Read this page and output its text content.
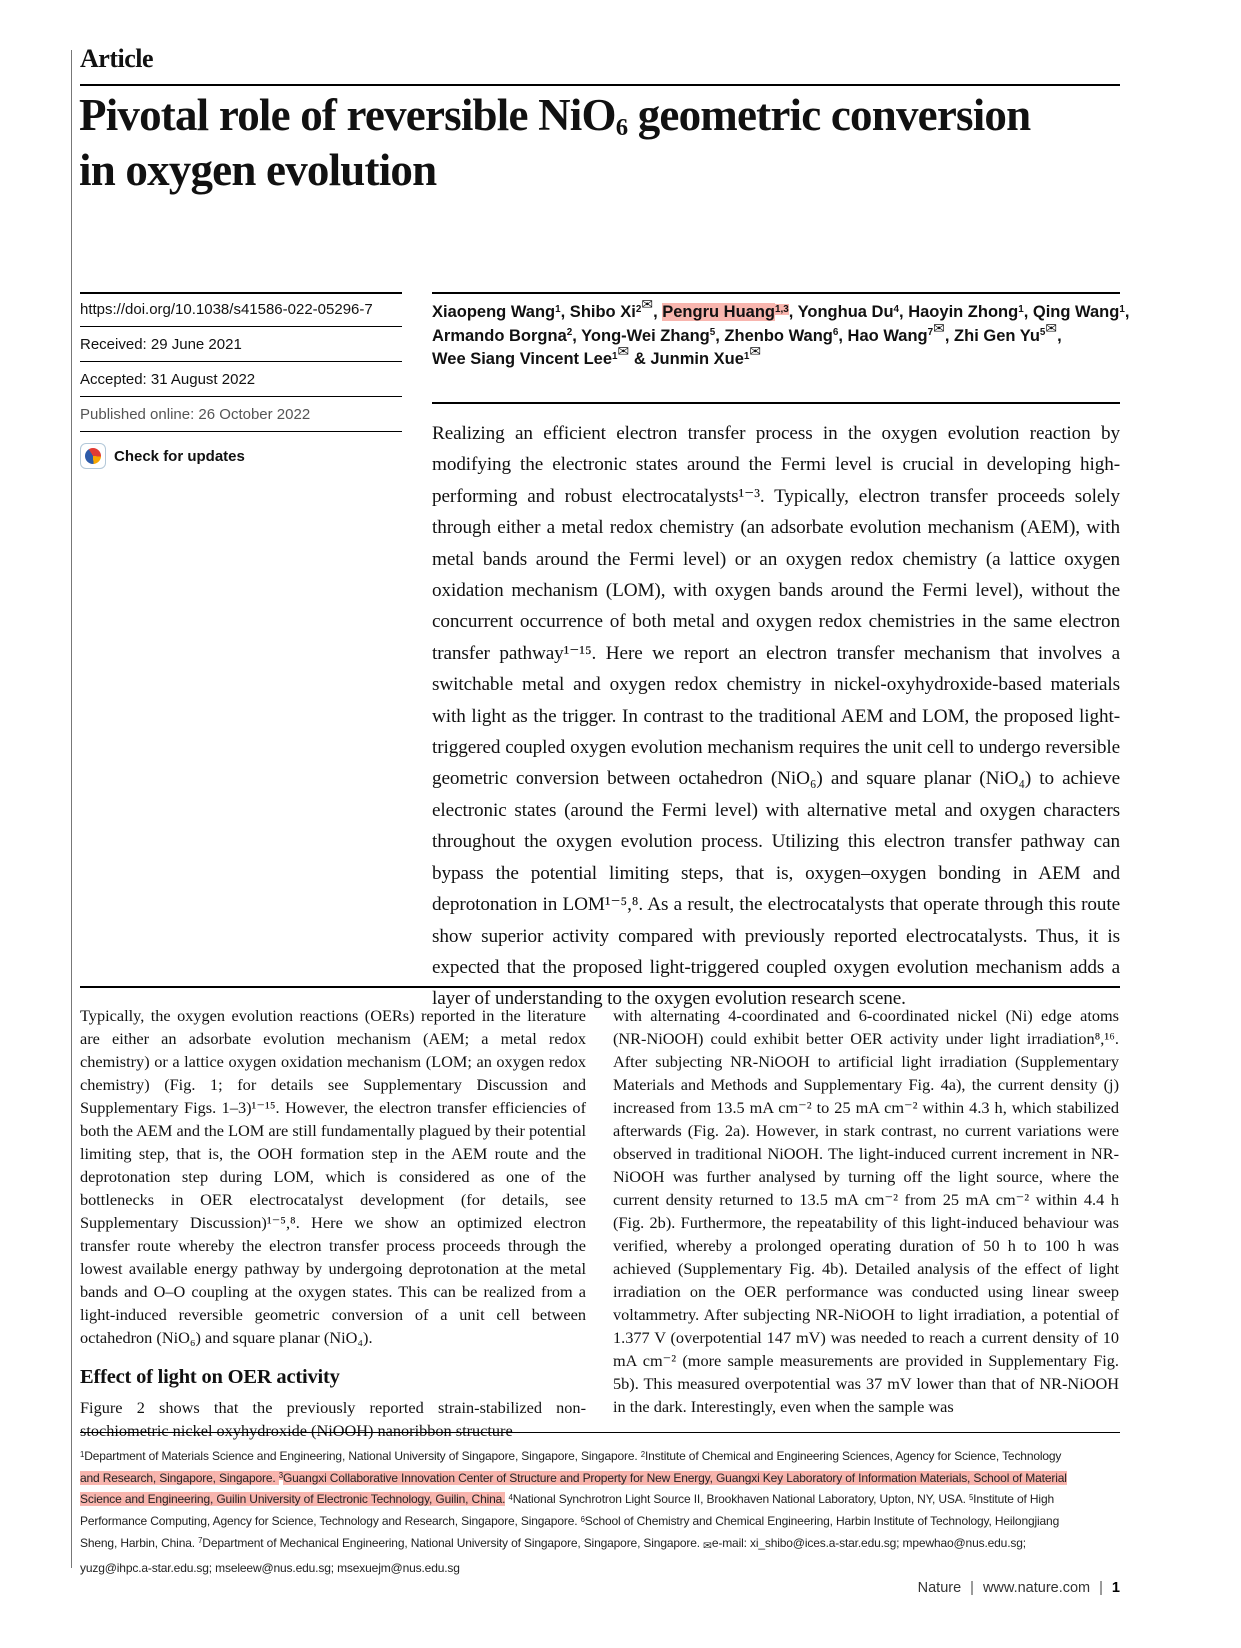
Article
Pivotal role of reversible NiO$_6$ geometric conversion in oxygen evolution
https://doi.org/10.1038/s41586-022-05296-7
Received: 29 June 2021
Accepted: 31 August 2022
Published online: 26 October 2022
Check for updates
Xiaopeng Wang$^1$, Shibo $Xi^{2✉}$, Pengru Huang$^{1,3}$, Yonghua Du$^4$, Haoyin Zhong$^1$, Qing Wang$^1$,
Armando Borgna$^2$, Yong-Wei Zhang$^5$, Zhenbo Wang$^6$, Hao Wang$^{7✉}$, Zhi Gen $Yu^{5✉}$,
Wee Siang Vincent Lee$^{1✉}$ & Junmin Xue$^{1✉}$
Realizing an efficient electron transfer process in the oxygen evolution reaction by modifying the electronic states around the Fermi level is crucial in developing high-performing and robust electrocatalysts¹⁻³. Typically, electron transfer proceeds solely through either a metal redox chemistry (an adsorbate evolution mechanism (AEM), with metal bands around the Fermi level) or an oxygen redox chemistry (a lattice oxygen oxidation mechanism (LOM), with oxygen bands around the Fermi level), without the concurrent occurrence of both metal and oxygen redox chemistries in the same electron transfer pathway¹⁻¹⁵. Here we report an electron transfer mechanism that involves a switchable metal and oxygen redox chemistry in nickel-oxyhydroxide-based materials with light as the trigger. In contrast to the traditional AEM and LOM, the proposed light-triggered coupled oxygen evolution mechanism requires the unit cell to undergo reversible geometric conversion between octahedron (NiO₆) and square planar (NiO₄) to achieve electronic states (around the Fermi level) with alternative metal and oxygen characters throughout the oxygen evolution process. Utilizing this electron transfer pathway can bypass the potential limiting steps, that is, oxygen–oxygen bonding in AEM and deprotonation in LOM¹⁻⁵,⁸. As a result, the electrocatalysts that operate through this route show superior activity compared with previously reported electrocatalysts. Thus, it is expected that the proposed light-triggered coupled oxygen evolution mechanism adds a layer of understanding to the oxygen evolution research scene.

Typically, the oxygen evolution reactions (OERs) reported in the literature are either an adsorbate evolution mechanism (AEM; a metal redox chemistry) or a lattice oxygen oxidation mechanism (LOM; an oxygen redox chemistry) (Fig. 1; for details see Supplementary Discussion and Supplementary Figs. 1–3)¹⁻¹⁵. However, the electron transfer efficiencies of both the AEM and the LOM are still fundamentally plagued by their potential limiting step, that is, the OOH formation step in the AEM route and the deprotonation step during LOM, which is considered as one of the bottlenecks in OER electrocatalyst development (for details, see Supplementary Discussion)¹⁻⁵,⁸. Here we show an optimized electron transfer route whereby the electron transfer process proceeds through the lowest available energy pathway by undergoing deprotonation at the metal bands and O–O coupling at the oxygen states. This can be realized from a light-induced reversible geometric conversion of a unit cell between octahedron (NiO₆) and square planar (NiO₄).

Effect of light on OER activity

Figure 2 shows that the previously reported strain-stabilized non-stochiometric nickel oxyhydroxide (NiOOH) nanoribbon structure

with alternating 4-coordinated and 6-coordinated nickel (Ni) edge atoms (NR-NiOOH) could exhibit better OER activity under light irradiation⁸,¹⁶. After subjecting NR-NiOOH to artificial light irradiation (Supplementary Materials and Methods and Supplementary Fig. 4a), the current density (j) increased from 13.5 mA cm⁻² to 25 mA cm⁻² within 4.3 h, which stabilized afterwards (Fig. 2a). However, in stark contrast, no current variations were observed in traditional NiOOH. The light-induced current increment in NR-NiOOH was further analysed by turning off the light source, where the current density returned to 13.5 mA cm⁻² from 25 mA cm⁻² within 4.4 h (Fig. 2b). Furthermore, the repeatability of this light-induced behaviour was verified, whereby a prolonged operating duration of 50 h to 100 h was achieved (Supplementary Fig. 4b). Detailed analysis of the effect of light irradiation on the OER performance was conducted using linear sweep voltammetry. After subjecting NR-NiOOH to light irradiation, a potential of 1.377 V (overpotential 147 mV) was needed to reach a current density of 10 mA cm⁻² (more sample measurements are provided in Supplementary Fig. 5b). This measured overpotential was 37 mV lower than that of NR-NiOOH in the dark. Interestingly, even when the sample was

$^1$Department of Materials Science and Engineering, National University of Singapore, Singapore, Singapore. $^2$Institute of Chemical and Engineering Sciences, Agency for Science, Technology
and Research, Singapore, Singapore. $^3$Guangxi Collaborative Innovation Center of Structure and Property for New Energy, Guangxi Key Laboratory of Information Materials, School of Material
Science and Engineering, Guilin University of Electronic Technology, Guilin, China. $^4$National Synchrotron Light Source II, Brookhaven National Laboratory, Upton, NY, USA. $^5$Institute of High
Performance Computing, Agency for Science, Technology and Research, Singapore, Singapore. $^6$School of Chemistry and Chemical Engineering, Harbin Institute of Technology, Heilongjiang
Sheng, Harbin, China. $^7$Department of Mechanical Engineering, National University of Singapore, Singapore, Singapore. ✉e-mail: xi_shibo@ices.a-star.edu.sg; mpewhao@nus.edu.sg;
yuzg@ihpc.a-star.edu.sg; mseleew@nus.edu.sg; msexuejm@nus.edu.sg
Nature | www.nature.com | 1
